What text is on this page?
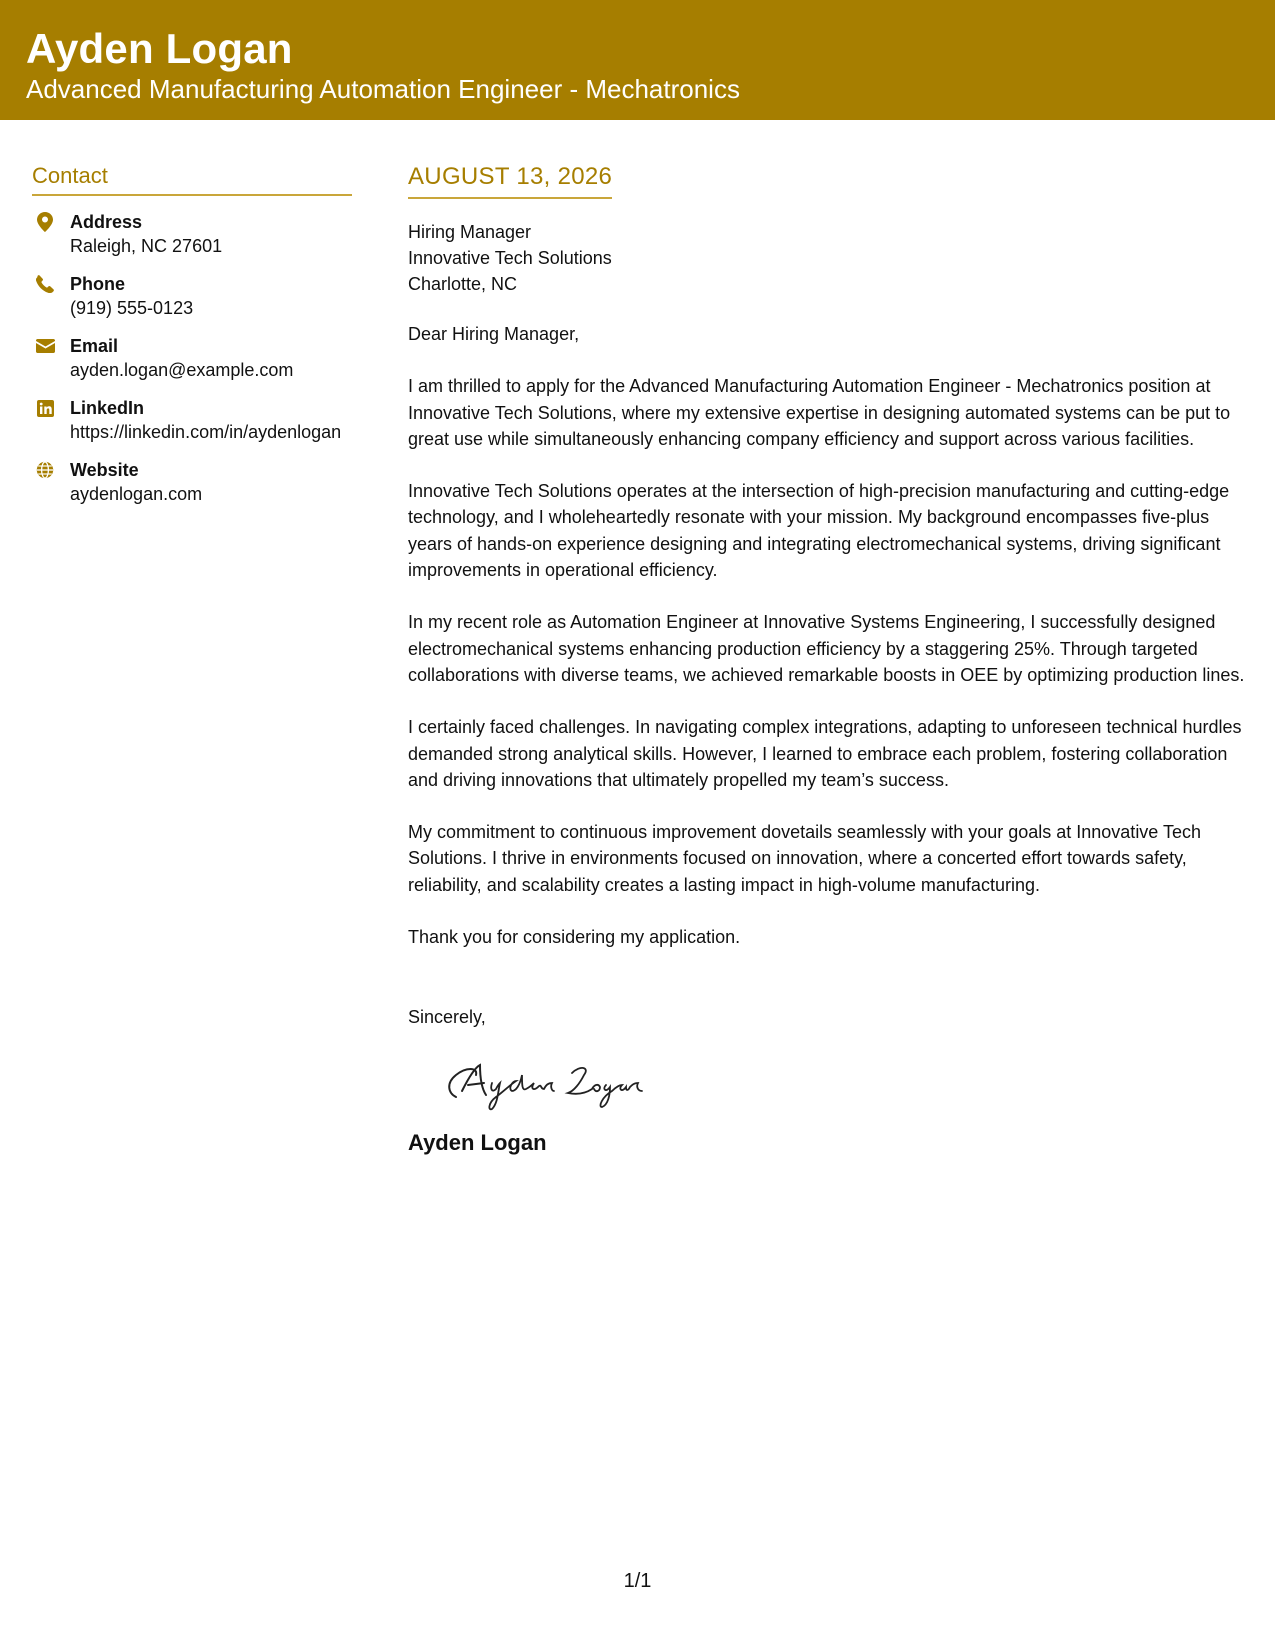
Ayden Logan
Advanced Manufacturing Automation Engineer - Mechatronics
Contact
Address
Raleigh, NC 27601
Phone
(919) 555-0123
Email
ayden.logan@example.com
LinkedIn
https://linkedin.com/in/aydenlogan
Website
aydenlogan.com
AUGUST 13, 2026
Hiring Manager
Innovative Tech Solutions
Charlotte, NC
Dear Hiring Manager,
I am thrilled to apply for the Advanced Manufacturing Automation Engineer - Mechatronics position at Innovative Tech Solutions, where my extensive expertise in designing automated systems can be put to great use while simultaneously enhancing company efficiency and support across various facilities.
Innovative Tech Solutions operates at the intersection of high-precision manufacturing and cutting-edge technology, and I wholeheartedly resonate with your mission. My background encompasses five-plus years of hands-on experience designing and integrating electromechanical systems, driving significant improvements in operational efficiency.
In my recent role as Automation Engineer at Innovative Systems Engineering, I successfully designed electromechanical systems enhancing production efficiency by a staggering 25%. Through targeted collaborations with diverse teams, we achieved remarkable boosts in OEE by optimizing production lines.
I certainly faced challenges. In navigating complex integrations, adapting to unforeseen technical hurdles demanded strong analytical skills. However, I learned to embrace each problem, fostering collaboration and driving innovations that ultimately propelled my team’s success.
My commitment to continuous improvement dovetails seamlessly with your goals at Innovative Tech Solutions. I thrive in environments focused on innovation, where a concerted effort towards safety, reliability, and scalability creates a lasting impact in high-volume manufacturing.
Thank you for considering my application.
Sincerely,
Ayden Logan
1/1
